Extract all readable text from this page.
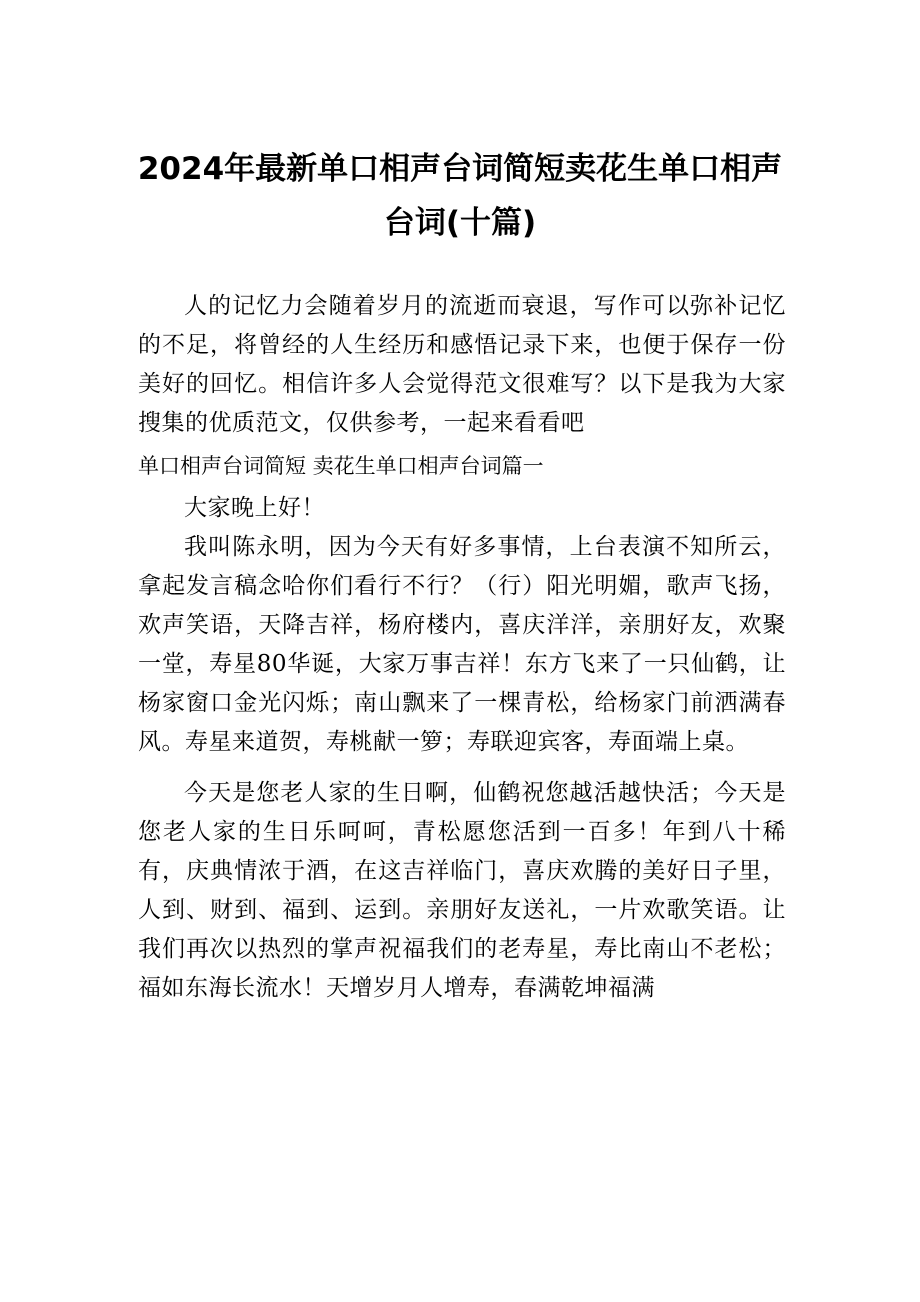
2024年最新单口相声台词简短卖花生单口相声台词(十篇)

人的记忆力会随着岁月的流逝而衰退，写作可以弥补记忆的不足，将曾经的人生经历和感悟记录下来，也便于保存一份美好的回忆。相信许多人会觉得范文很难写？以下是我为大家搜集的优质范文，仅供参考，一起来看看吧

单口相声台词简短 卖花生单口相声台词篇一

大家晚上好！

我叫陈永明，因为今天有好多事情，上台表演不知所云，拿起发言稿念哈你们看行不行？（行）阳光明媚，歌声飞扬，欢声笑语，天降吉祥，杨府楼内，喜庆洋洋，亲朋好友，欢聚一堂，寿星80华诞，大家万事吉祥！东方飞来了一只仙鹤，让杨家窗口金光闪烁；南山飘来了一棵青松，给杨家门前洒满春风。寿星来道贺，寿桃献一箩；寿联迎宾客，寿面端上桌。

今天是您老人家的生日啊，仙鹤祝您越活越快活；今天是您老人家的生日乐呵呵，青松愿您活到一百多！年到八十稀有，庆典情浓于酒，在这吉祥临门，喜庆欢腾的美好日子里，人到、财到、福到、运到。亲朋好友送礼，一片欢歌笑语。让我们再次以热烈的掌声祝福我们的老寿星，寿比南山不老松；福如东海长流水！天增岁月人增寿，春满乾坤福满
